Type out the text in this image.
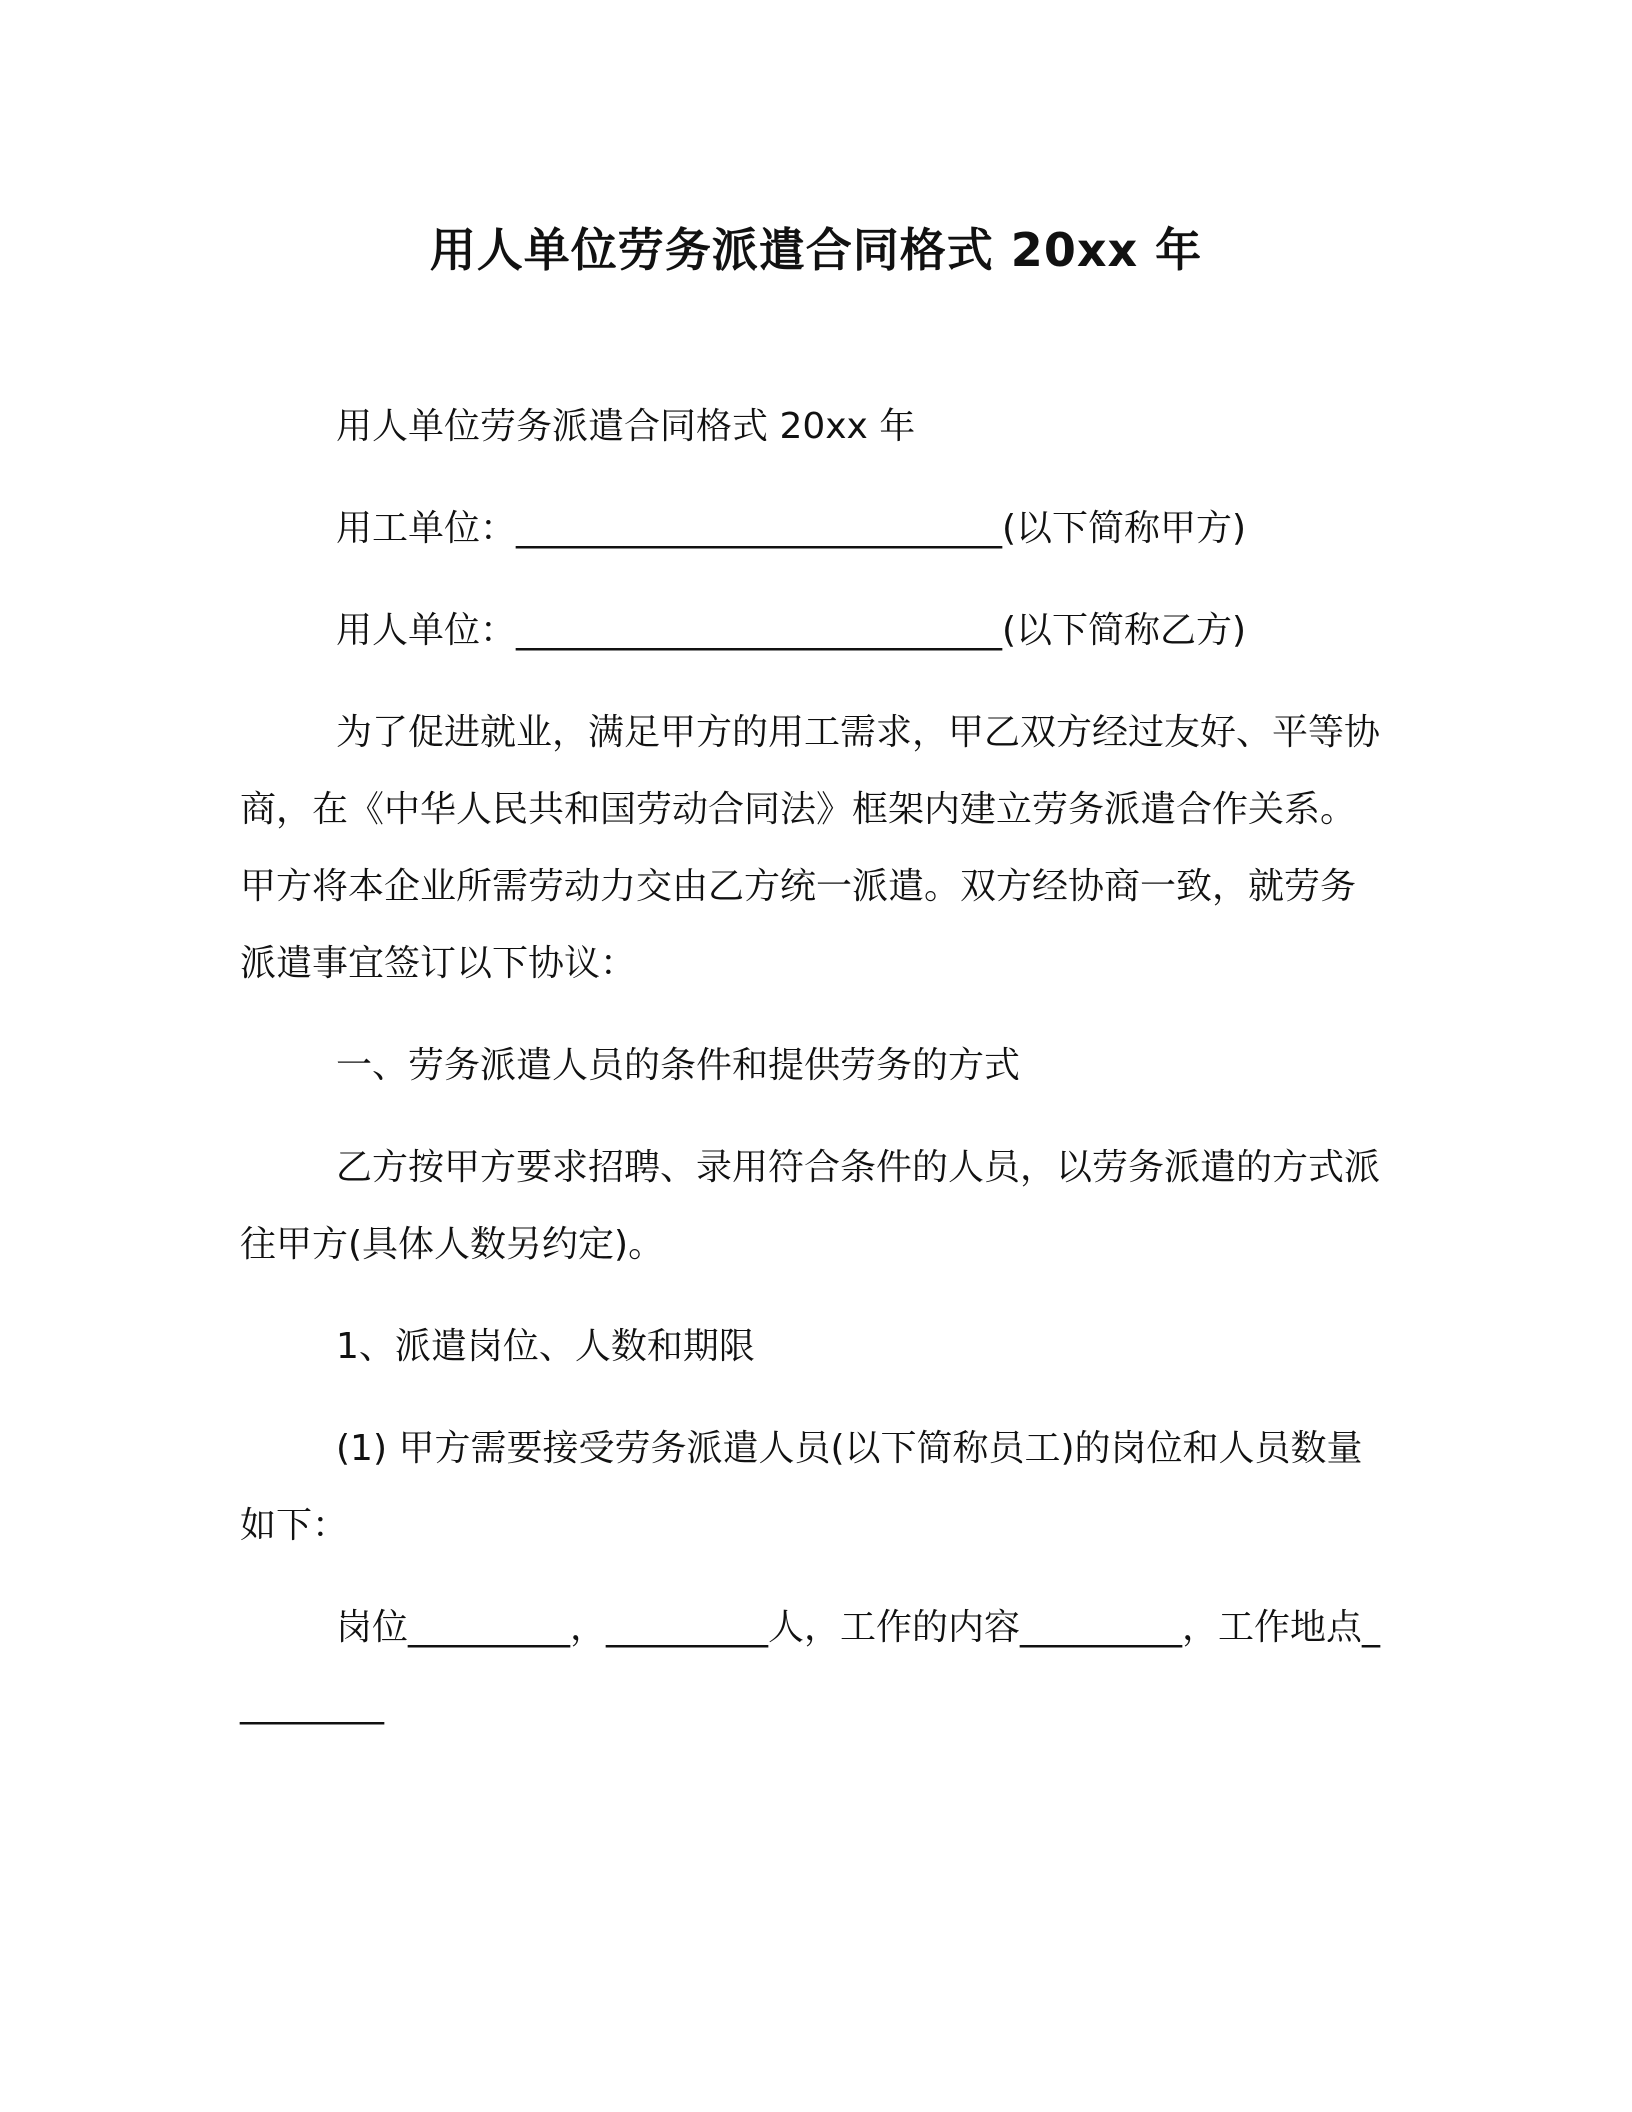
用人单位劳务派遣合同格式 20xx 年

用人单位劳务派遣合同格式 20xx 年

用工单位：___________________________(以下简称甲方)

用人单位：___________________________(以下简称乙方)

为了促进就业，满足甲方的用工需求，甲乙双方经过友好、平等协商，在《中华人民共和国劳动合同法》框架内建立劳务派遣合作关系。甲方将本企业所需劳动力交由乙方统一派遣。双方经协商一致，就劳务派遣事宜签订以下协议：

一、劳务派遣人员的条件和提供劳务的方式

乙方按甲方要求招聘、录用符合条件的人员，以劳务派遣的方式派往甲方(具体人数另约定)。

1、派遣岗位、人数和期限

(1) 甲方需要接受劳务派遣人员(以下简称员工)的岗位和人员数量如下：

岗位_________，_________人，工作的内容_________，工作地点_________
